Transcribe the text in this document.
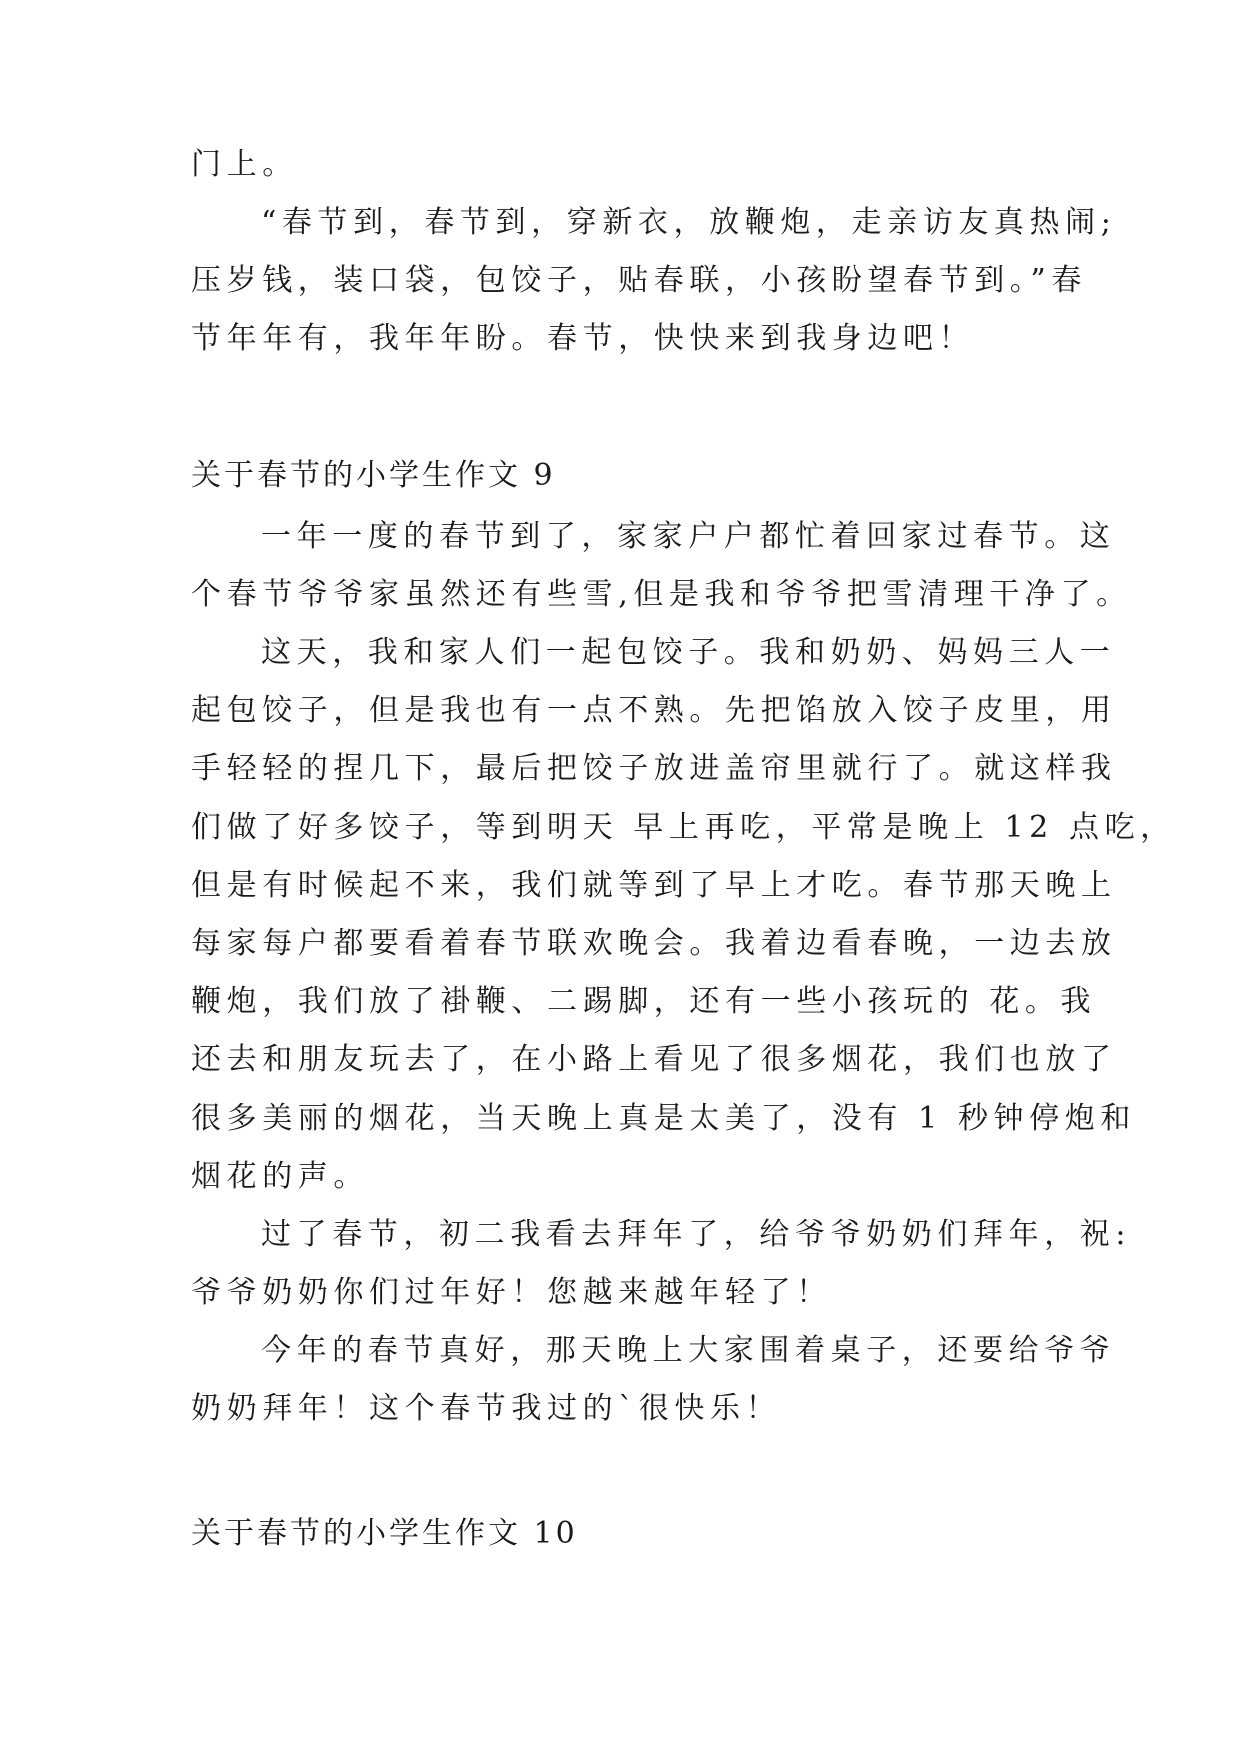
门上。
“春节到，春节到，穿新衣，放鞭炮，走亲访友真热闹;
压岁钱，装口袋，包饺子，贴春联，小孩盼望春节到。”春
节年年有，我年年盼。春节，快快来到我身边吧！
关于春节的小学生作文 9
一年一度的春节到了，家家户户都忙着回家过春节。这
个春节爷爷家虽然还有些雪,但是我和爷爷把雪清理干净了。
这天，我和家人们一起包饺子。我和奶奶、妈妈三人一
起包饺子，但是我也有一点不熟。先把馅放入饺子皮里，用
手轻轻的捏几下，最后把饺子放进盖帘里就行了。就这样我
们做了好多饺子，等到明天 早上再吃，平常是晚上 12 点吃，
但是有时候起不来，我们就等到了早上才吃。春节那天晚上
每家每户都要看着春节联欢晚会。我着边看春晚，一边去放
鞭炮，我们放了褂鞭、二踢脚，还有一些小孩玩的 花。我
还去和朋友玩去了，在小路上看见了很多烟花，我们也放了
很多美丽的烟花，当天晚上真是太美了，没有 1 秒钟停炮和
烟花的声。
过了春节，初二我看去拜年了，给爷爷奶奶们拜年，祝:
爷爷奶奶你们过年好！您越来越年轻了！
今年的春节真好，那天晚上大家围着桌子，还要给爷爷
奶奶拜年！这个春节我过的`很快乐！
关于春节的小学生作文 10
